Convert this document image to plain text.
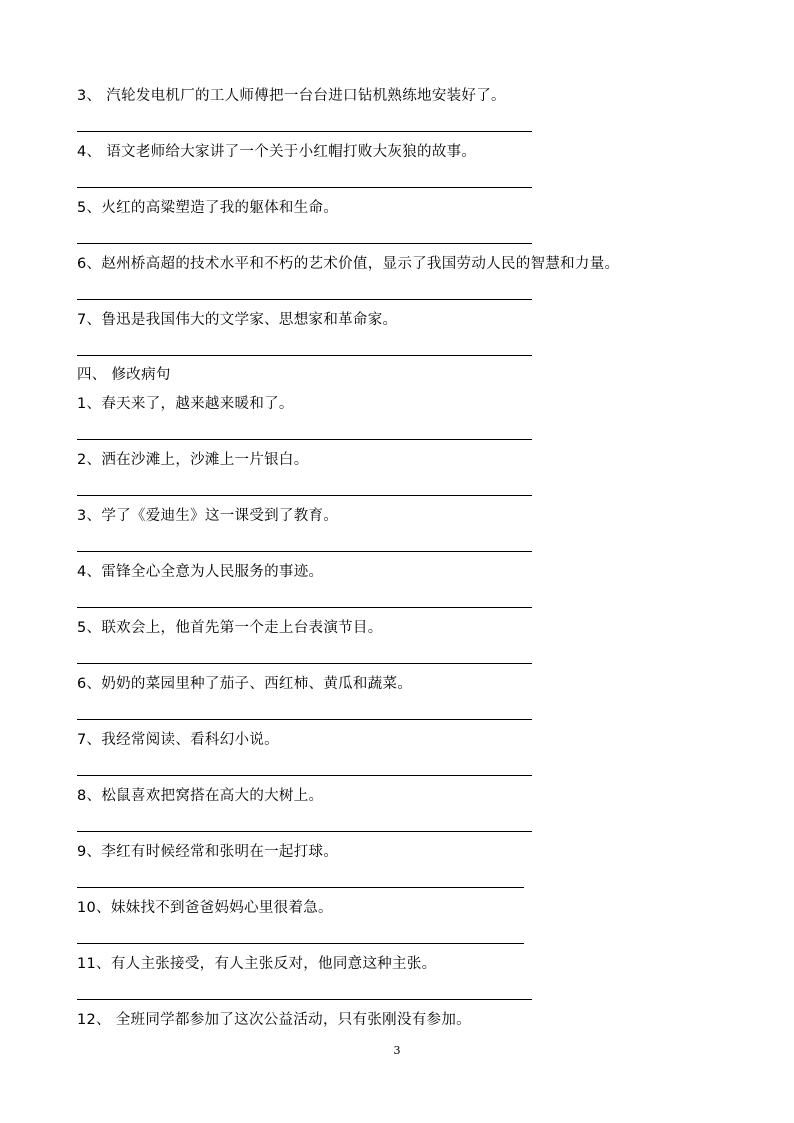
3、 汽轮发电机厂的工人师傅把一台台进口钻机熟练地安装好了。
4、 语文老师给大家讲了一个关于小红帽打败大灰狼的故事。
5、火红的高粱塑造了我的躯体和生命。
6、赵州桥高超的技术水平和不朽的艺术价值，显示了我国劳动人民的智慧和力量。
7、鲁迅是我国伟大的文学家、思想家和革命家。
四、 修改病句
1、春天来了，越来越来暖和了。
2、洒在沙滩上，沙滩上一片银白。
3、学了《爱迪生》这一课受到了教育。
4、雷锋全心全意为人民服务的事迹。
5、联欢会上，他首先第一个走上台表演节目。
6、奶奶的菜园里种了茄子、西红柿、黄瓜和蔬菜。
7、我经常阅读、看科幻小说。
8、松鼠喜欢把窝搭在高大的大树上。
9、李红有时候经常和张明在一起打球。
10、妹妹找不到爸爸妈妈心里很着急。
11、有人主张接受，有人主张反对，他同意这种主张。
12、 全班同学都参加了这次公益活动，只有张刚没有参加。
3
